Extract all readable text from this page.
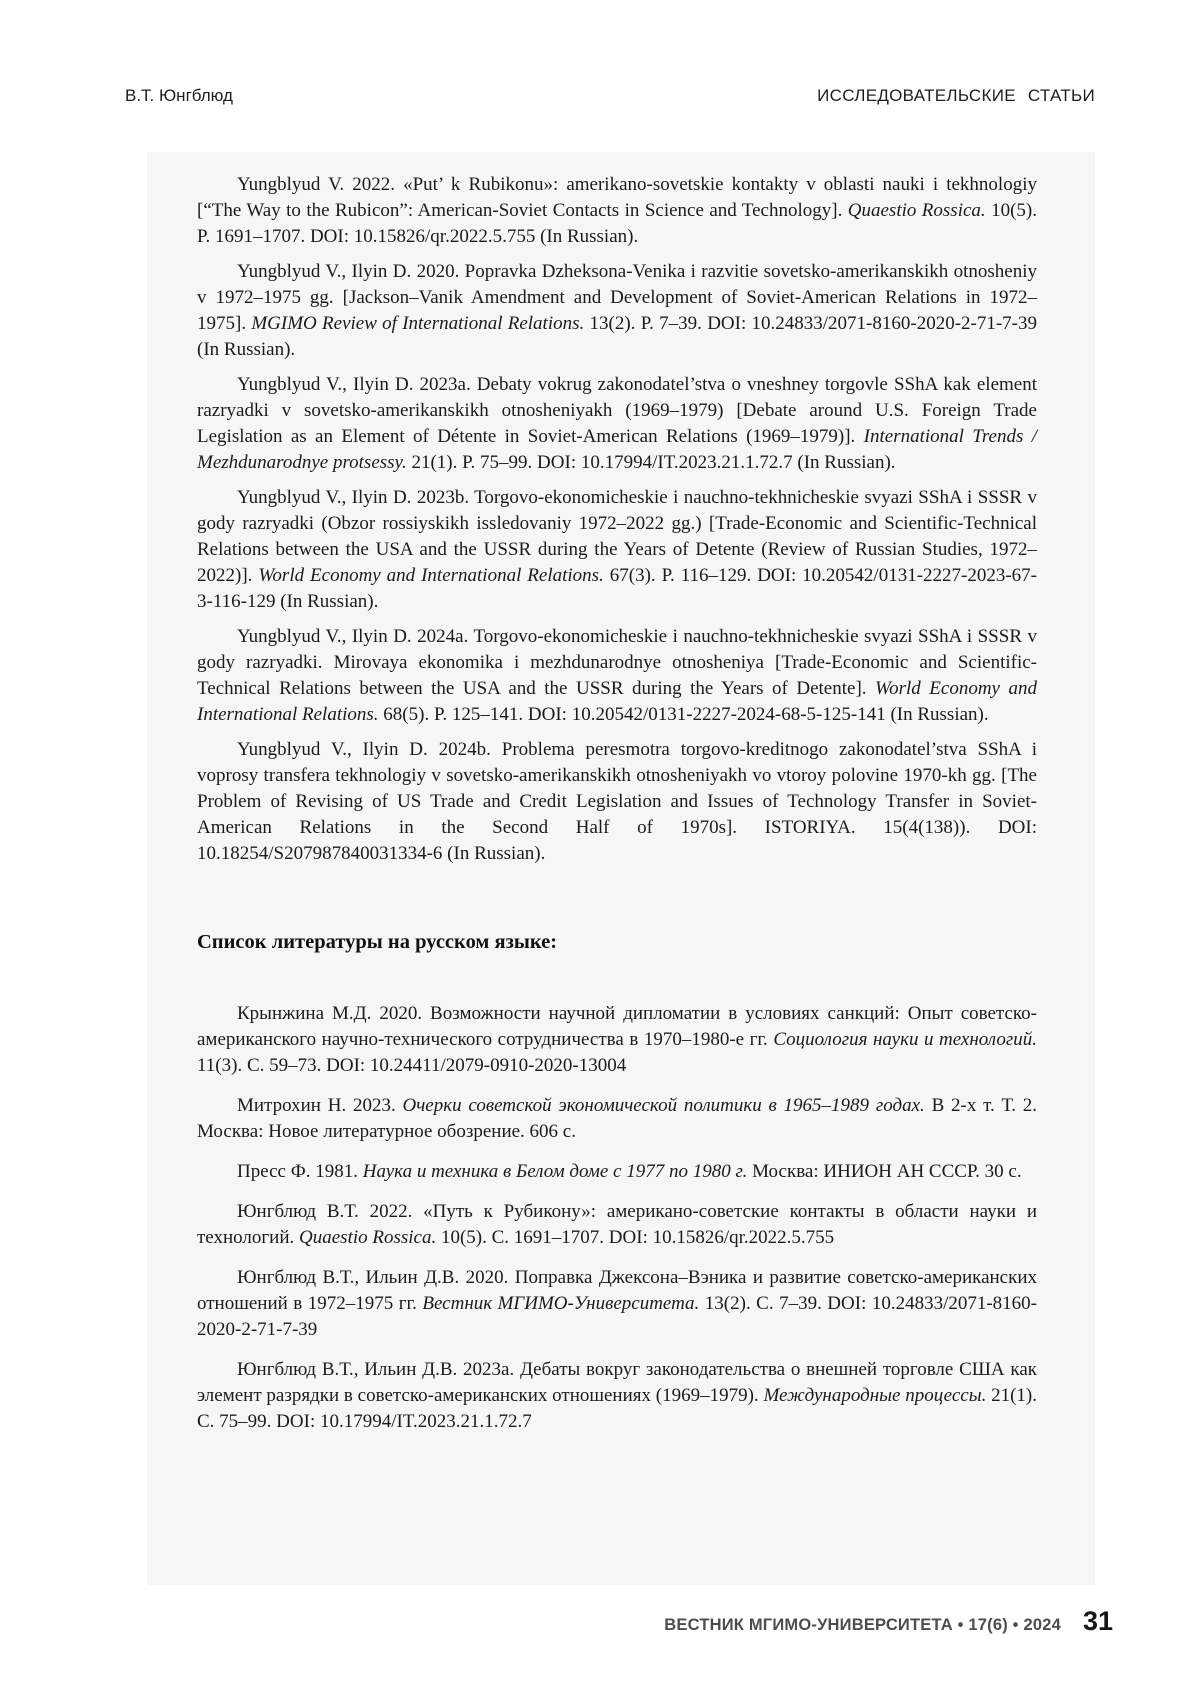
В.Т. Юнгблюд	ИССЛЕДОВАТЕЛЬСКИЕ СТАТЬИ

Yungblyud V. 2022. «Put’ k Rubikonu»: amerikano-sovetskie kontakty v oblasti nauki i tekhnologiy [“The Way to the Rubicon”: American-Soviet Contacts in Science and Technology]. Quaestio Rossica. 10(5). P. 1691–1707. DOI: 10.15826/qr.2022.5.755 (In Russian).

Yungblyud V., Ilyin D. 2020. Popravka Dzheksona-Venika i razvitie sovetsko-amerikanskikh otnosheniy v 1972–1975 gg. [Jackson–Vanik Amendment and Development of Soviet-American Relations in 1972–1975]. MGIMO Review of International Relations. 13(2). P. 7–39. DOI: 10.24833/2071-8160-2020-2-71-7-39 (In Russian).

Yungblyud V., Ilyin D. 2023a. Debaty vokrug zakonodatel’stva o vneshney torgovle SShA kak element razryadki v sovetsko-amerikanskikh otnosheniyakh (1969–1979) [Debate around U.S. Foreign Trade Legislation as an Element of Détente in Soviet-American Relations (1969–1979)]. International Trends / Mezhdunarodnye protsessy. 21(1). P. 75–99. DOI: 10.17994/IT.2023.21.1.72.7 (In Russian).

Yungblyud V., Ilyin D. 2023b. Torgovo-ekonomicheskie i nauchno-tekhnicheskie svyazi SShA i SSSR v gody razryadki (Obzor rossiyskikh issledovaniy 1972–2022 gg.) [Trade-Economic and Scientific-Technical Relations between the USA and the USSR during the Years of Detente (Review of Russian Studies, 1972–2022)]. World Economy and International Relations. 67(3). P. 116–129. DOI: 10.20542/0131-2227-2023-67-3-116-129 (In Russian).

Yungblyud V., Ilyin D. 2024a. Torgovo-ekonomicheskie i nauchno-tekhnicheskie svyazi SShA i SSSR v gody razryadki. Mirovaya ekonomika i mezhdunarodnye otnosheniya [Trade-Economic and Scientific-Technical Relations between the USA and the USSR during the Years of Detente]. World Economy and International Relations. 68(5). P. 125–141. DOI: 10.20542/0131-2227-2024-68-5-125-141 (In Russian).

Yungblyud V., Ilyin D. 2024b. Problema peresmotra torgovo-kreditnogo zakonodatel’stva SShA i voprosy transfera tekhnologiy v sovetsko-amerikanskikh otnosheniyakh vo vtoroy polovine 1970-kh gg. [The Problem of Revising of US Trade and Credit Legislation and Issues of Technology Transfer in Soviet-American Relations in the Second Half of 1970s]. ISTORIYA. 15(4(138)). DOI: 10.18254/S207987840031334-6 (In Russian).

Список литературы на русском языке:

Крынжина М.Д. 2020. Возможности научной дипломатии в условиях санкций: Опыт советско-американского научно-технического сотрудничества в 1970–1980-е гг. Социология науки и технологий. 11(3). С. 59–73. DOI: 10.24411/2079-0910-2020-13004

Митрохин Н. 2023. Очерки советской экономической политики в 1965–1989 годах. В 2-х т. Т. 2. Москва: Новое литературное обозрение. 606 с.

Пресс Ф. 1981. Наука и техника в Белом доме с 1977 по 1980 г. Москва: ИНИОН АН СССР. 30 с.

Юнгблюд В.Т. 2022. «Путь к Рубикону»: американо-советские контакты в области науки и технологий. Quaestio Rossica. 10(5). С. 1691–1707. DOI: 10.15826/qr.2022.5.755

Юнгблюд В.Т., Ильин Д.В. 2020. Поправка Джексона–Вэника и развитие советско-американских отношений в 1972–1975 гг. Вестник МГИМО-Университета. 13(2). С. 7–39. DOI: 10.24833/2071-8160-2020-2-71-7-39

Юнгблюд В.Т., Ильин Д.В. 2023а. Дебаты вокруг законодательства о внешней торговле США как элемент разрядки в советско-американских отношениях (1969–1979). Международные процессы. 21(1). С. 75–99. DOI: 10.17994/IT.2023.21.1.72.7

ВЕСТНИК МГИМО-УНИВЕРСИТЕТА • 17(6) • 2024 31
